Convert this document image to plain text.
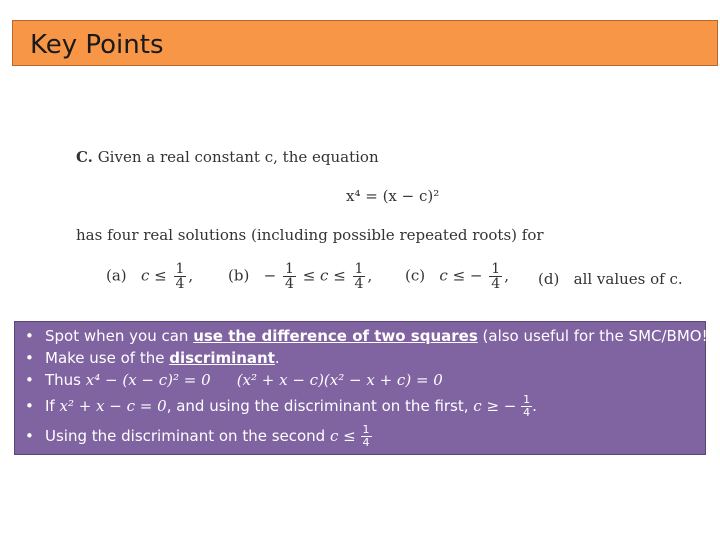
Key Points
C. Given a real constant c, the equation
x⁴ = (x − c)²
has four real solutions (including possible repeated roots) for
(a) $c \le \frac{1}{4}$ , $(b) - \frac{1}{4} \le c \le \frac{1}{4}$ , (c) c ≤ − $\frac{1}{4}$ , (d) all values of c.
• Spot when you can use the difference of two squares (also useful for the SMC/BMO!)
• Make use of the discriminant.
• Thus x⁴ − (x − c)² = 0 (x² + x − c)(x² − x + c) = 0
• If x² + x − c = 0, and using the discriminant on the first, c ≥ − $\frac{1}{4}$ .
• Using the discriminant on the second $c \le \frac{1}{4}$
